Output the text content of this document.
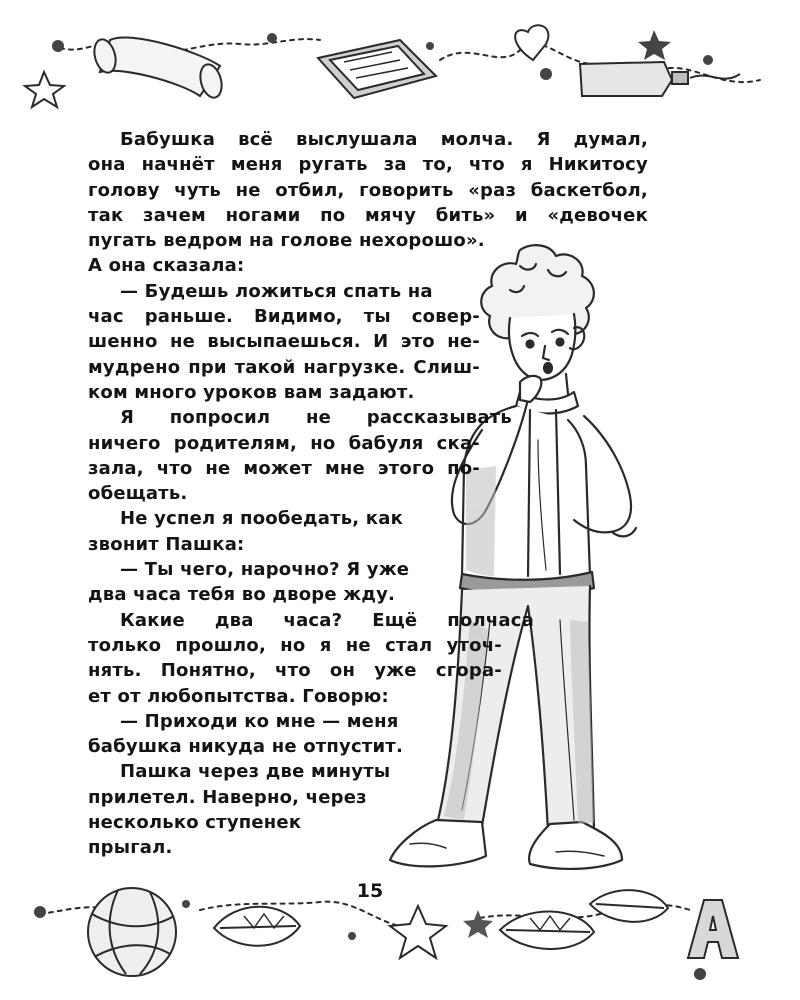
Бабушка всё выслушала молча. Я думал,
она начнёт меня ругать за то, что я Никитосу
голову чуть не отбил, говорить «раз баскетбол,
так зачем ногами по мячу бить» и «девочек
пугать ведром на голове нехорошо».
А она сказала:
— Будешь ложиться спать на
час раньше. Видимо, ты совер-
шенно не высыпаешься. И это не-
мудрено при такой нагрузке. Слиш-
ком много уроков вам задают.
Я попросил не рассказывать
ничего родителям, но бабуля ска-
зала, что не может мне этого по-
обещать.
Не успел я пообедать, как
звонит Пашка:
— Ты чего, нарочно? Я уже
два часа тебя во дворе жду.
Какие два часа? Ещё полчаса
только прошло, но я не стал уточ-
нять. Понятно, что он уже сгора-
ет от любопытства. Говорю:
— Приходи ко мне — меня
бабушка никуда не отпустит.
Пашка через две минуты
прилетел. Наверно, через
несколько ступенек
прыгал.
15
